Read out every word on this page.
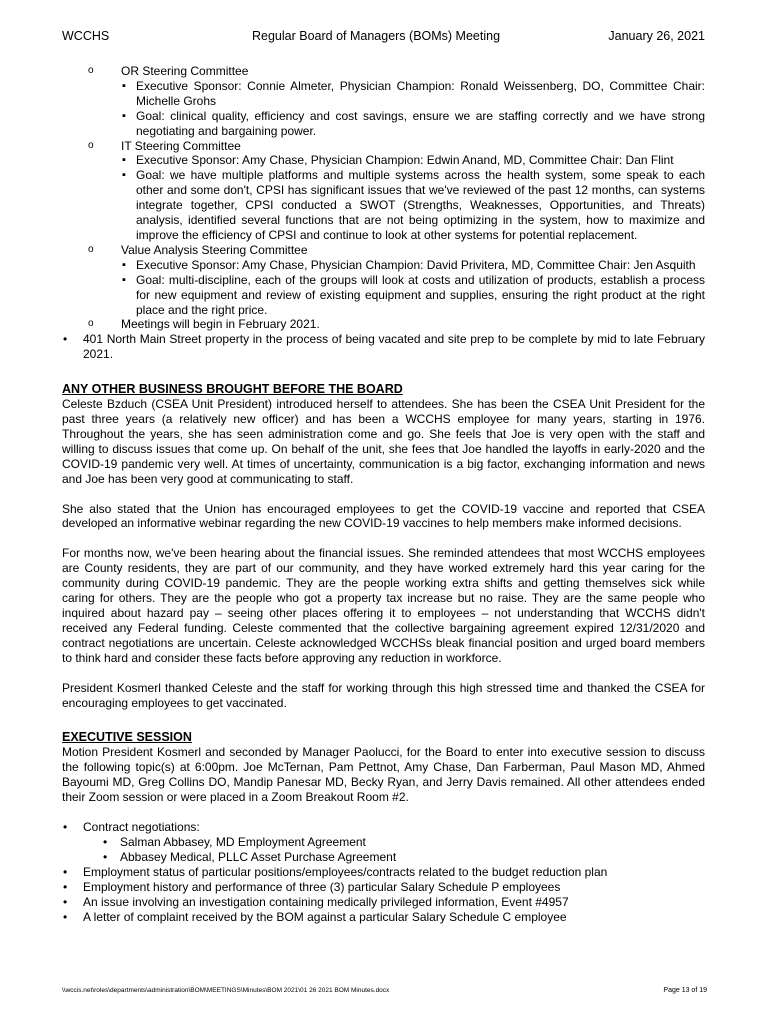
WCCHS	Regular Board of Managers (BOMs) Meeting	January 26, 2021
o OR Steering Committee
▪ Executive Sponsor: Connie Almeter, Physician Champion: Ronald Weissenberg, DO, Committee Chair: Michelle Grohs
▪ Goal: clinical quality, efficiency and cost savings, ensure we are staffing correctly and we have strong negotiating and bargaining power.
o IT Steering Committee
▪ Executive Sponsor: Amy Chase, Physician Champion: Edwin Anand, MD, Committee Chair: Dan Flint
▪ Goal: we have multiple platforms and multiple systems across the health system, some speak to each other and some don't, CPSI has significant issues that we've reviewed of the past 12 months, can systems integrate together, CPSI conducted a SWOT (Strengths, Weaknesses, Opportunities, and Threats) analysis, identified several functions that are not being optimizing in the system, how to maximize and improve the efficiency of CPSI and continue to look at other systems for potential replacement.
o Value Analysis Steering Committee
▪ Executive Sponsor: Amy Chase, Physician Champion: David Privitera, MD, Committee Chair: Jen Asquith
▪ Goal: multi-discipline, each of the groups will look at costs and utilization of products, establish a process for new equipment and review of existing equipment and supplies, ensuring the right product at the right place and the right price.
o Meetings will begin in February 2021.
• 401 North Main Street property in the process of being vacated and site prep to be complete by mid to late February 2021.
ANY OTHER BUSINESS BROUGHT BEFORE THE BOARD

Celeste Bzduch (CSEA Unit President) introduced herself to attendees. She has been the CSEA Unit President for the past three years (a relatively new officer) and has been a WCCHS employee for many years, starting in 1976. Throughout the years, she has seen administration come and go. She feels that Joe is very open with the staff and willing to discuss issues that come up. On behalf of the unit, she fees that Joe handled the layoffs in early-2020 and the COVID-19 pandemic very well. At times of uncertainty, communication is a big factor, exchanging information and news and Joe has been very good at communicating to staff.

She also stated that the Union has encouraged employees to get the COVID-19 vaccine and reported that CSEA developed an informative webinar regarding the new COVID-19 vaccines to help members make informed decisions.

For months now, we've been hearing about the financial issues. She reminded attendees that most WCCHS employees are County residents, they are part of our community, and they have worked extremely hard this year caring for the community during COVID-19 pandemic. They are the people working extra shifts and getting themselves sick while caring for others. They are the people who got a property tax increase but no raise. They are the same people who inquired about hazard pay – seeing other places offering it to employees – not understanding that WCCHS didn't received any Federal funding. Celeste commented that the collective bargaining agreement expired 12/31/2020 and contract negotiations are uncertain. Celeste acknowledged WCCHSs bleak financial position and urged board members to think hard and consider these facts before approving any reduction in workforce.

President Kosmerl thanked Celeste and the staff for working through this high stressed time and thanked the CSEA for encouraging employees to get vaccinated.

EXECUTIVE SESSION

Motion President Kosmerl and seconded by Manager Paolucci, for the Board to enter into executive session to discuss the following topic(s) at 6:00pm. Joe McTernan, Pam Pettnot, Amy Chase, Dan Farberman, Paul Mason MD, Ahmed Bayoumi MD, Greg Collins DO, Mandip Panesar MD, Becky Ryan, and Jerry Davis remained. All other attendees ended their Zoom session or were placed in a Zoom Breakout Room #2.

• Contract negotiations:
• Salman Abbasey, MD Employment Agreement
• Abbasey Medical, PLLC Asset Purchase Agreement
• Employment status of particular positions/employees/contracts related to the budget reduction plan
• Employment history and performance of three (3) particular Salary Schedule P employees
• An issue involving an investigation containing medically privileged information, Event #4957
• A letter of complaint received by the BOM against a particular Salary Schedule C employee
\\wccis.net\roles\departments\administration\BOM\MEETINGS\Minutes\BOM 2021\01 26 2021 BOM Minutes.docx	Page 13 of 19
